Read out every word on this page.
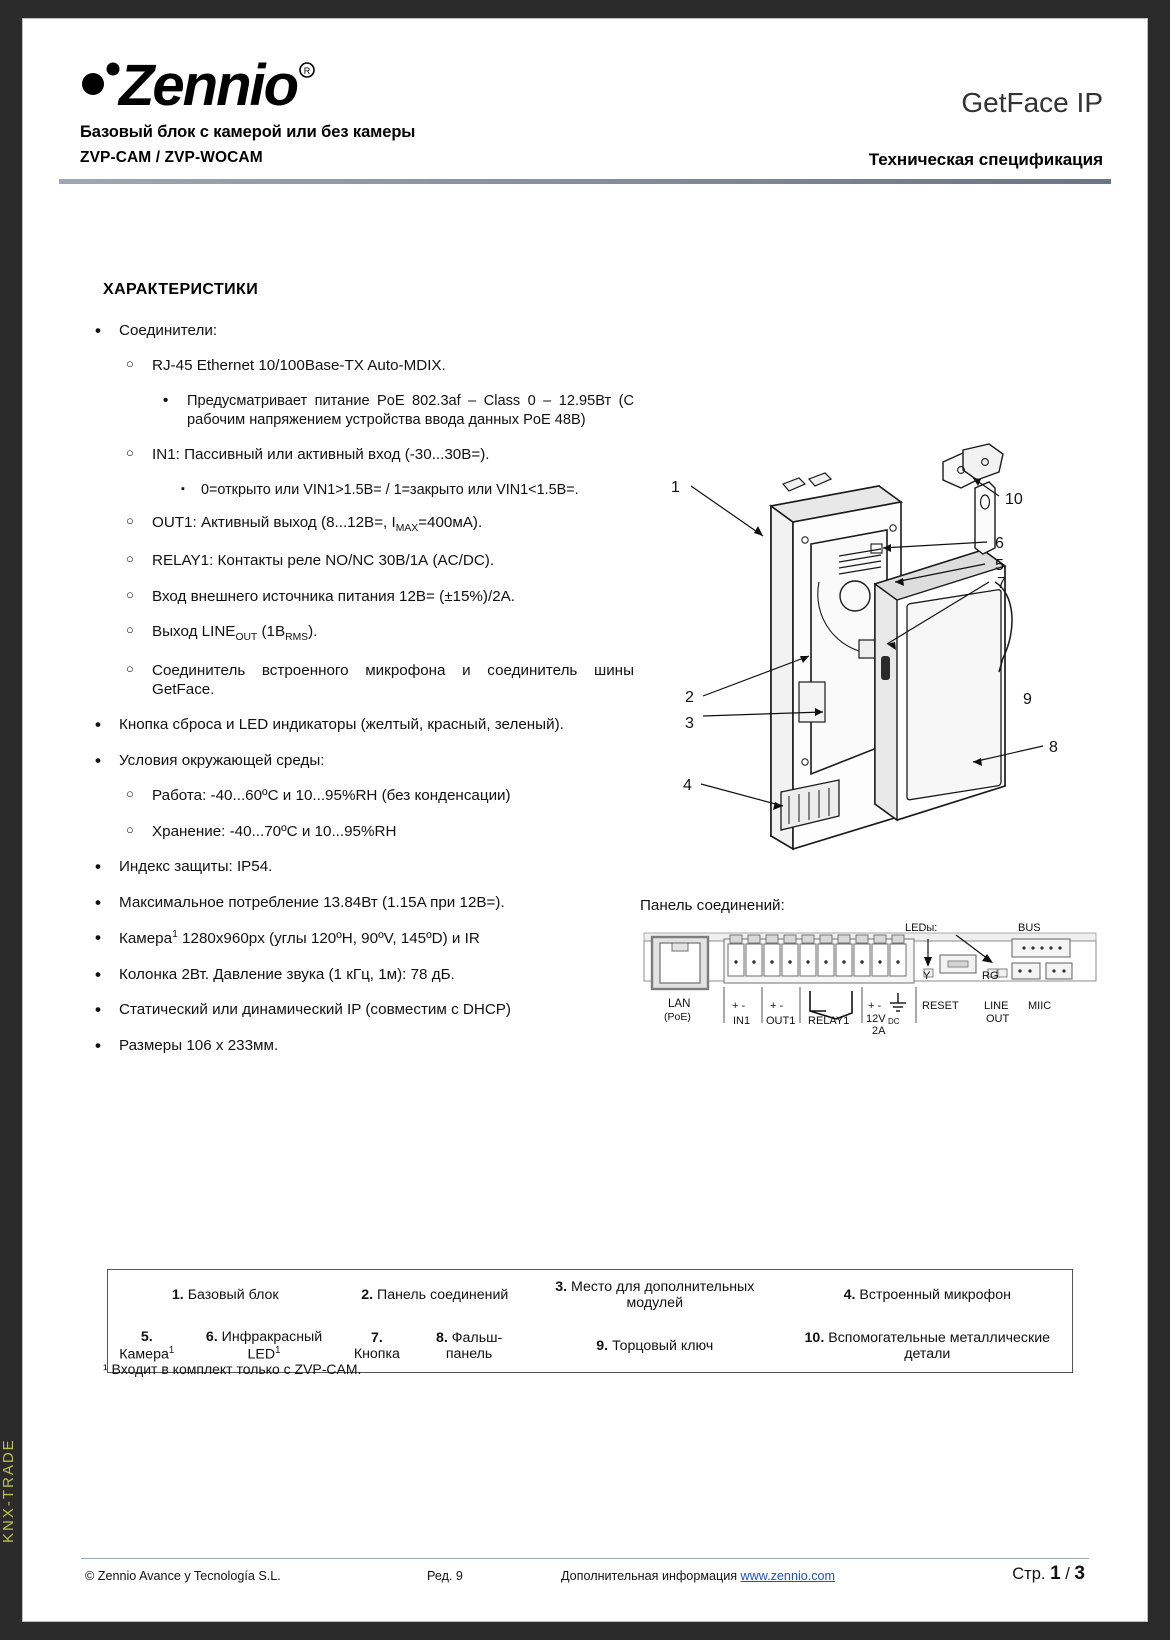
Zennio R
Базовый блок с камерой или без камеры
ZVP-CAM / ZVP-WOCAM
GetFace IP
Техническая спецификация
ХАРАКТЕРИСТИКИ
• Соединители:
○ RJ-45 Ethernet 10/100Base-TX Auto-MDIX.
• Предусматривает питание PoE 802.3af – Class 0 – 12.95Вт (С рабочим напряжением устройства ввода данных PoE 48В)
○ IN1: Пассивный или активный вход (-30...30В=).
▪ 0=открыто или VIN1>1.5В= / 1=закрыто или VIN1<1.5В=.
○ OUT1: Активный выход (8...12В=, $I_{MAX}=400мА$).
○ RELAY1: Контакты реле NO/NC 30В/1А (AC/DC).
○ Вход внешнего источника питания 12В= (±15%)/2A.
○ Выход $LINE_{OUT}$ $(1В_{RMS})$.
○ Соединитель встроенного микрофона и соединитель шины GetFace.
• Кнопка сброса и LED индикаторы (желтый, красный, зеленый).
• Условия окружающей среды:
○ Работа: -40...60ºC и 10...95%RH (без конденсации)
○ Хранение: -40...70ºC и 10...95%RH
• Индекс защиты: IP54.
• Максимальное потребление 13.84Вт (1.15A при 12В=).
• Камера$^1$ 1280x960px (углы 120ºH, 90ºV, 145ºD) и IR
• Колонка 2Вт. Давление звука (1 кГц, 1м): 78 дБ.
• Статический или динамический IP (совместим с DHCP)
• Размеры 106 x 233мм.
1
2
3
4
5
6
7
8
9
10
Панель соединений:
LEDы:	BUS
Y	RG
LAN
(PoE)
+ -
IN1
+ -
OUT1 RELAY1
+ -
12V DC
2A
RESET LINE
OUT
MIIC
1. Базовый блок		2. Панель соединений		3. Место для дополнительных модулей	4. Встроенный микрофон
5. Камера$^1$	6. Инфракрасный LED$^1$	7. Кнопка	8. Фальш-панель	9. Торцовый ключ	10. Вспомогательные металлические детали
¹ Входит в комплект только с ZVP-CAM.
KNX-TRADE
© Zennio Avance y Tecnología S.L.	Ред. 9	Дополнительная информация www.zennio.com	Стр. 1 / 3
